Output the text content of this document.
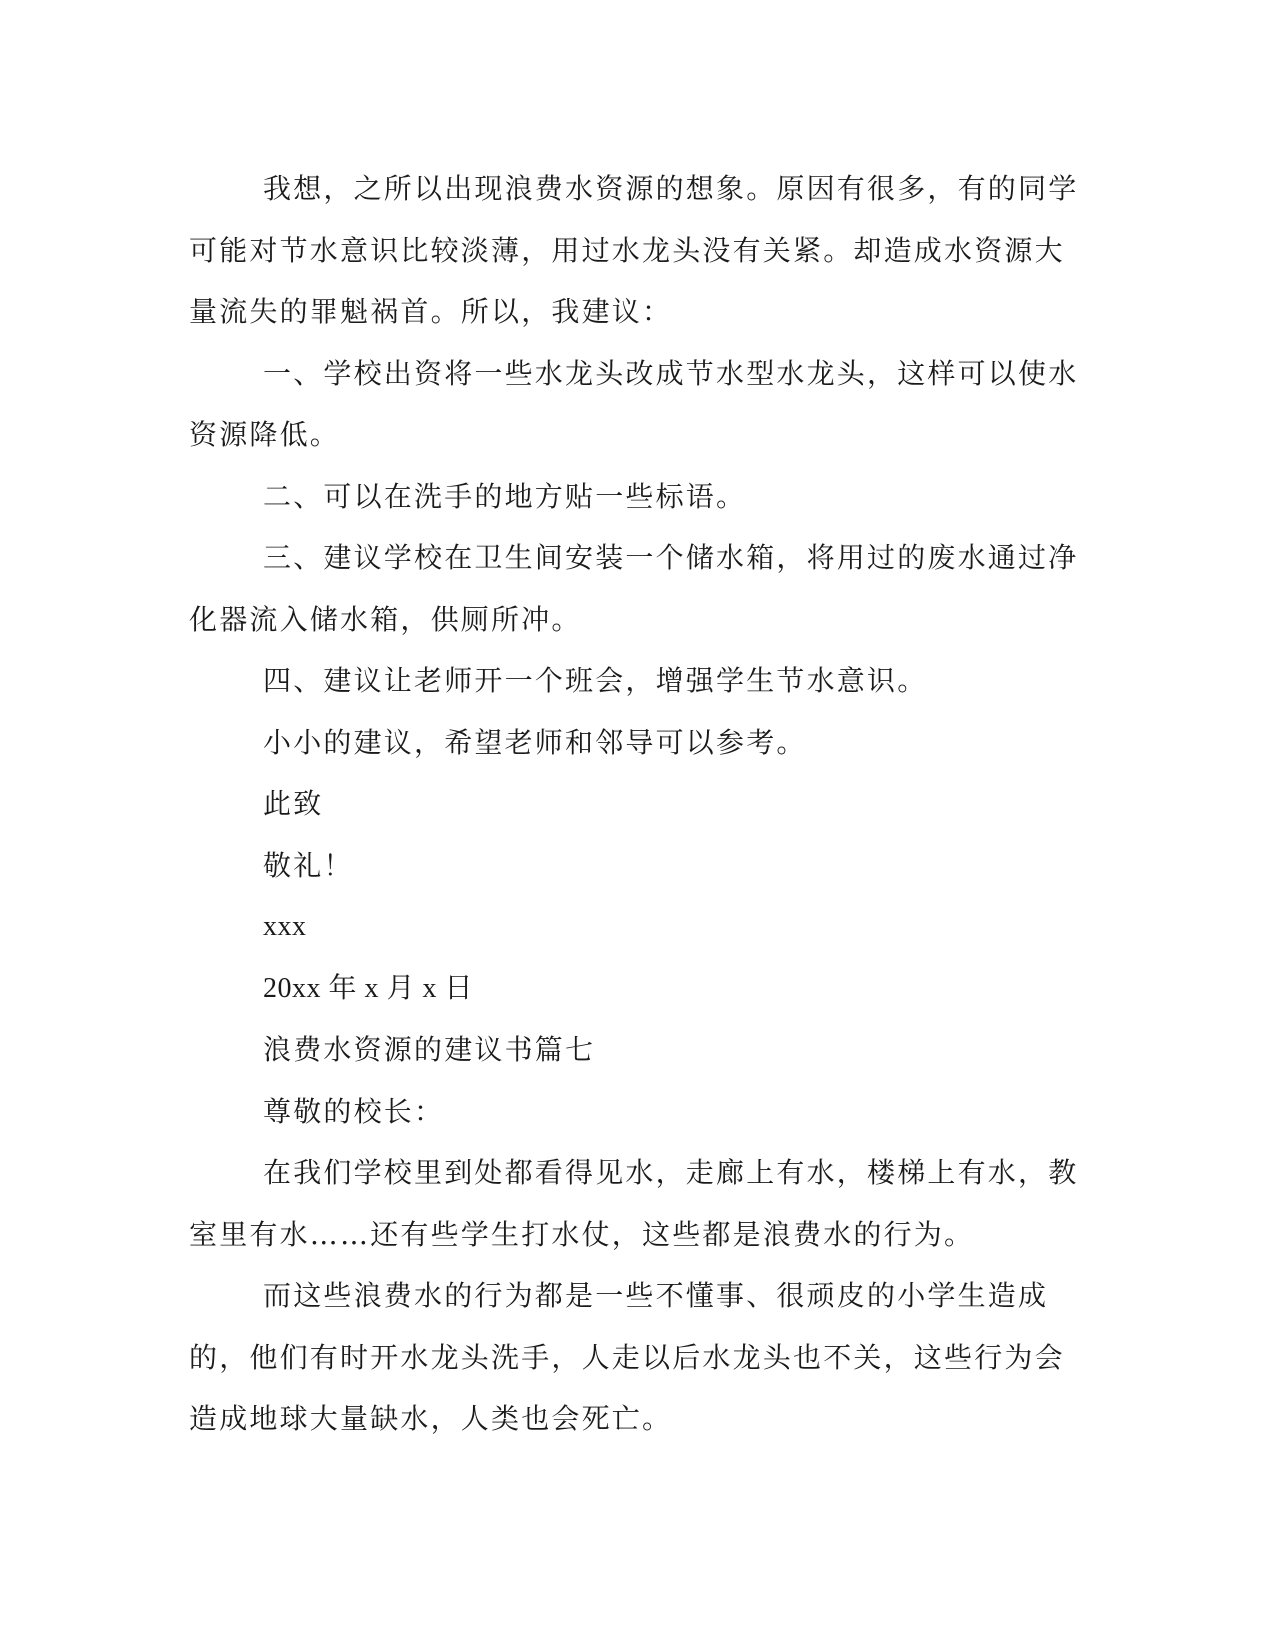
我想，之所以出现浪费水资源的想象。原因有很多，有的同学可能对节水意识比较淡薄，用过水龙头没有关紧。却造成水资源大量流失的罪魁祸首。所以，我建议：

一、学校出资将一些水龙头改成节水型水龙头，这样可以使水资源降低。

二、可以在洗手的地方贴一些标语。

三、建议学校在卫生间安装一个储水箱，将用过的废水通过净化器流入储水箱，供厕所冲。

四、建议让老师开一个班会，增强学生节水意识。

小小的建议，希望老师和邻导可以参考。

此致

敬礼！

xxx

20xx 年 x 月 x 日

浪费水资源的建议书篇七

尊敬的校长：

在我们学校里到处都看得见水，走廊上有水，楼梯上有水，教室里有水……还有些学生打水仗，这些都是浪费水的行为。

而这些浪费水的行为都是一些不懂事、很顽皮的小学生造成的，他们有时开水龙头洗手，人走以后水龙头也不关，这些行为会造成地球大量缺水，人类也会死亡。
